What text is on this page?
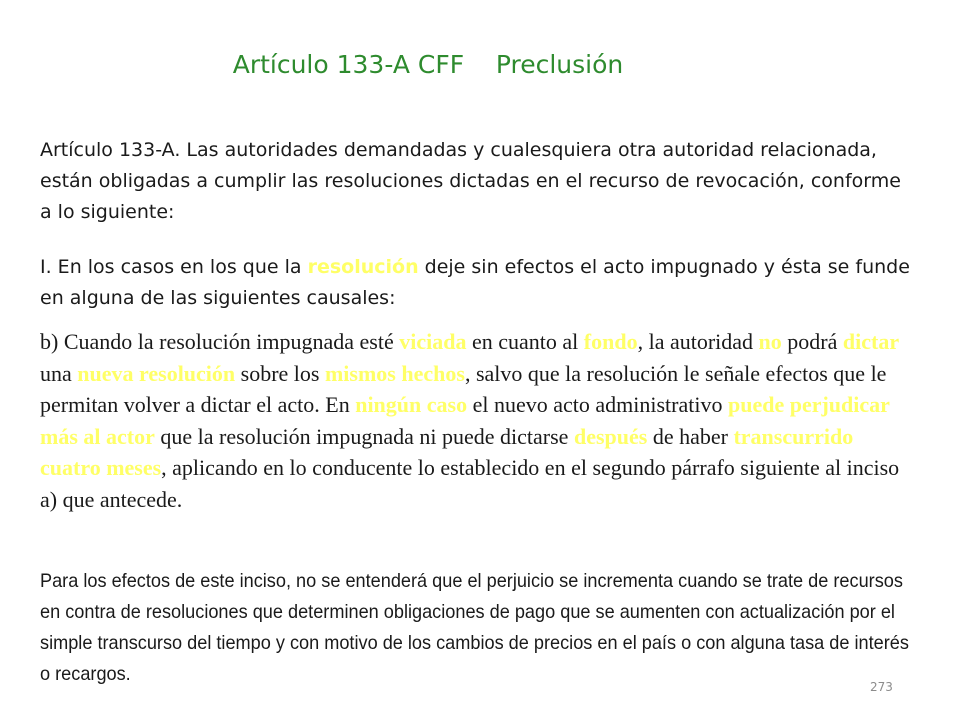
Artículo 133-A CFF    Preclusión

Artículo 133-A. Las autoridades demandadas y cualesquiera otra autoridad relacionada, están obligadas a cumplir las resoluciones dictadas en el recurso de revocación, conforme a lo siguiente:

I. En los casos en los que la resolución deje sin efectos el acto impugnado y ésta se funde en alguna de las siguientes causales:

b) Cuando la resolución impugnada esté viciada en cuanto al fondo, la autoridad no podrá dictar una nueva resolución sobre los mismos hechos, salvo que la resolución le señale efectos que le permitan volver a dictar el acto. En ningún caso el nuevo acto administrativo puede perjudicar más al actor que la resolución impugnada ni puede dictarse después de haber transcurrido cuatro meses, aplicando en lo conducente lo establecido en el segundo párrafo siguiente al inciso a) que antecede.

Para los efectos de este inciso, no se entenderá que el perjuicio se incrementa cuando se trate de recursos en contra de resoluciones que determinen obligaciones de pago que se aumenten con actualización por el simple transcurso del tiempo y con motivo de los cambios de precios en el país o con alguna tasa de interés o recargos.

273
